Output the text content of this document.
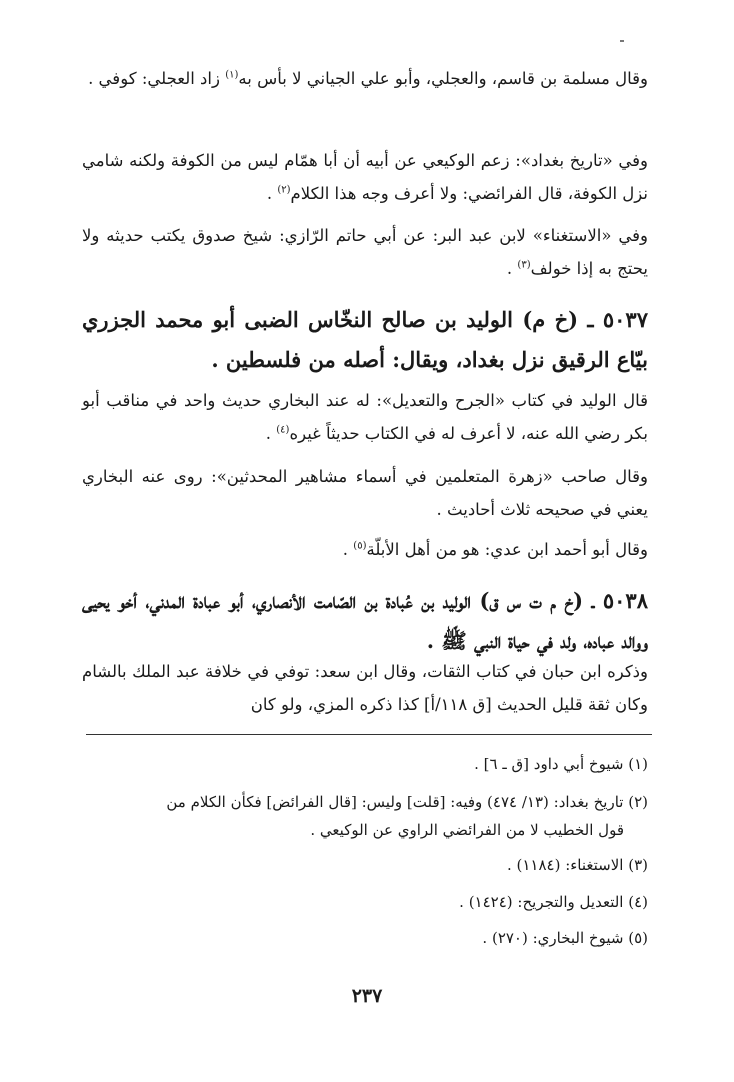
وقال مسلمة بن قاسم، والعجلي، وأبو علي الجياني لا بأس به$^{(١)}$ زاد العجلي: كوفي .
وفي «تاريخ بغداد»: زعم الوكيعي عن أبيه أن أبا همّام ليس من الكوفة ولكنه شامي نزل الكوفة، قال الفرائضي: ولا أعرف وجه هذا الكلام$^{(٢)}$ .
وفي «الاستغناء» لابن عبد البر: عن أبي حاتم الرّازي: شيخ صدوق يكتب حديثه ولا يحتج به إذا خولف$^{(٣)}$ .
٥٠٣٧ ـ (خ م) الوليد بن صالح النخّاس الضبى أبو محمد الجزري بيّاع الرقيق نزل بغداد، ويقال: أصله من فلسطين .
قال الوليد في كتاب «الجرح والتعديل»: له عند البخاري حديث واحد في مناقب أبو بكر رضي الله عنه، لا أعرف له في الكتاب حديثاً غيره$^{(٤)}$ .
وقال صاحب «زهرة المتعلمين في أسماء مشاهير المحدثين»: روى عنه البخاري يعني في صحيحه ثلاث أحاديث .
وقال أبو أحمد ابن عدي: هو من أهل الأبلّة$^{(٥)}$ .
٥٠٣٨ ـ (خ م ت س ق) الوليد بن عُبادة بن الصّامت الأنصاري، أبو عبادة المدني، أخو يحيى ووالد عباده، ولد في حياة النبي ﷺ .
وذكره ابن حبان في كتاب الثقات، وقال ابن سعد: توفي في خلافة عبد الملك بالشام وكان ثقة قليل الحديث [ق ١١٨/أ] كذا ذكره المزي، ولو كان
(١) شيوخ أبي داود [ق ـ ٦] .
(٢) تاريخ بغداد: (١٣/ ٤٧٤) وفيه: [قلت] وليس: [قال الفرائض] فكأن الكلام من
قول الخطيب لا من الفرائضي الراوي عن الوكيعي .
(٣) الاستغناء: (١١٨٤) .
(٤) التعديل والتجريح: (١٤٢٤) .
(٥) شيوخ البخاري: (٢٧٠) .
٢٣٧
